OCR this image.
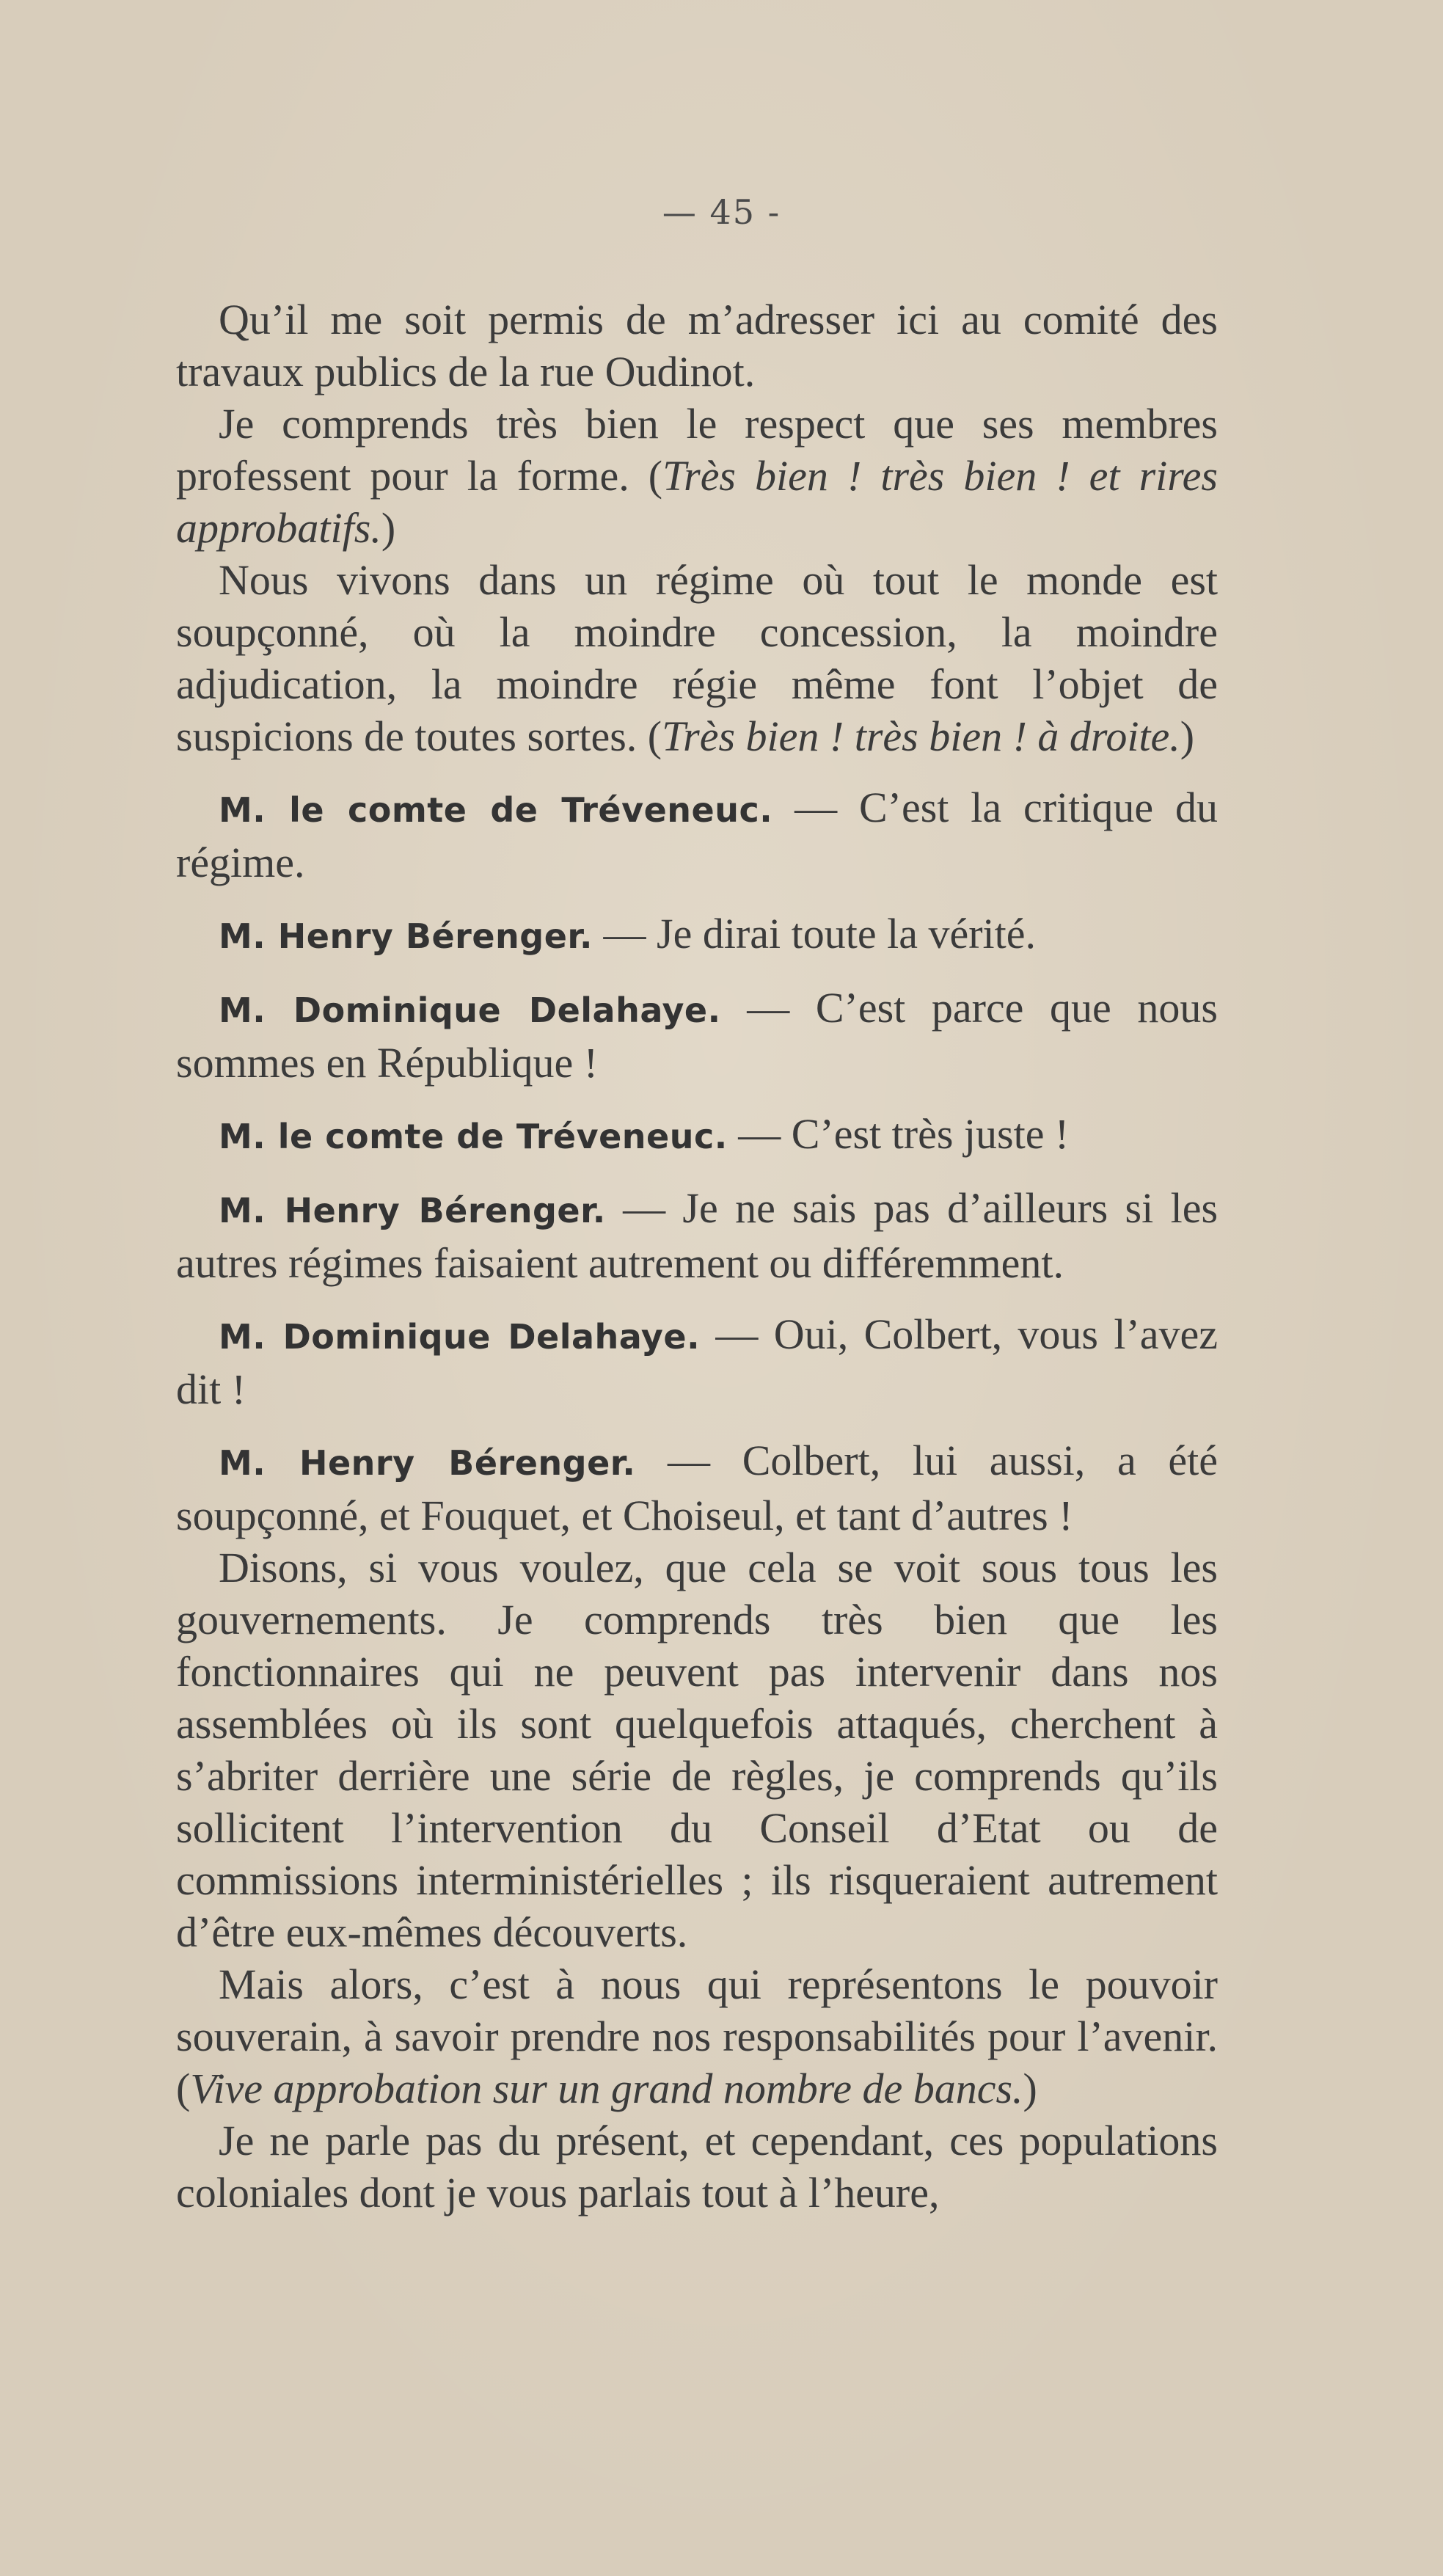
— 45 -

Qu’il me soit permis de m’adresser ici au comité des travaux publics de la rue Oudinot.

Je comprends très bien le respect que ses membres professent pour la forme. (Très bien ! très bien ! et rires approbatifs.)

Nous vivons dans un régime où tout le monde est soupçonné, où la moindre concession, la moindre adjudication, la moindre régie même font l’objet de suspicions de toutes sortes. (Très bien ! très bien ! à droite.)

M. le comte de Tréveneuc. — C’est la critique du régime.

M. Henry Bérenger. — Je dirai toute la vérité.

M. Dominique Delahaye. — C’est parce que nous sommes en République !

M. le comte de Tréveneuc. — C’est très juste !

M. Henry Bérenger. — Je ne sais pas d’ailleurs si les autres régimes faisaient autrement ou différemment.

M. Dominique Delahaye. — Oui, Colbert, vous l’avez dit !

M. Henry Bérenger. — Colbert, lui aussi, a été soupçonné, et Fouquet, et Choiseul, et tant d’autres !

Disons, si vous voulez, que cela se voit sous tous les gouvernements. Je comprends très bien que les fonctionnaires qui ne peuvent pas intervenir dans nos assemblées où ils sont quelquefois attaqués, cherchent à s’abriter derrière une série de règles, je comprends qu’ils sollicitent l’intervention du Conseil d’Etat ou de commissions interministérielles ; ils risqueraient autrement d’être eux-mêmes découverts.

Mais alors, c’est à nous qui représentons le pouvoir souverain, à savoir prendre nos responsabilités pour l’avenir. (Vive approbation sur un grand nombre de bancs.)

Je ne parle pas du présent, et cependant, ces populations coloniales dont je vous parlais tout à l’heure,
